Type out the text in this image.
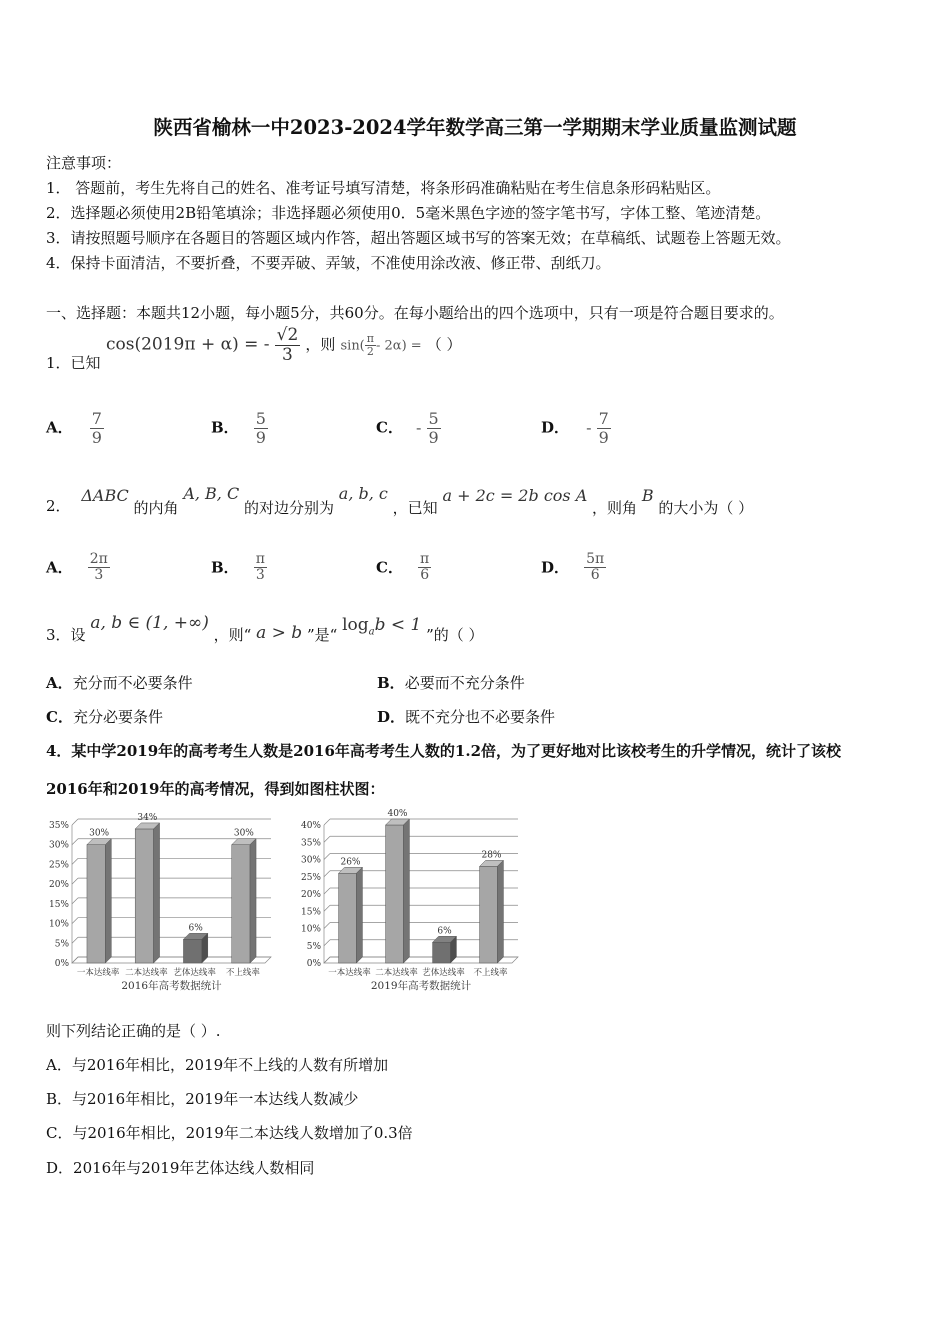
陕西省榆林一中2023-2024学年数学高三第一学期期末学业质量监测试题
注意事项：
1． 答题前，考生先将自己的姓名、准考证号填写清楚，将条形码准确粘贴在考生信息条形码粘贴区。
2．选择题必须使用2B铅笔填涂；非选择题必须使用0．5毫米黑色字迹的签字笔书写，字体工整、笔迹清楚。
3．请按照题号顺序在各题目的答题区域内作答，超出答题区域书写的答案无效；在草稿纸、试题卷上答题无效。
4．保持卡面清洁，不要折叠，不要弄破、弄皱，不准使用涂改液、修正带、刮纸刀。
一、选择题：本题共12小题，每小题5分，共60分。在每小题给出的四个选项中，只有一项是符合题目要求的。
1．已知
cos(2019π + α) = - $\frac{√2}{3}$ ，则 $\sin( \frac{\pi}{2} - 2\alpha)$ = （ ）
A． $\frac{7}{9}$	B． $\frac{5}{9}$	C． - $\frac{5}{9}$	D． - $\frac{7}{9}$
2． ΔABC 的内角 A, B, C 的对边分别为 a, b, c ，已知 a + 2c = 2b cos A ，则角 B 的大小为（ ）
A． $\frac{2\pi}{3}$	B． $\frac{\pi}{3}$	C． $\frac{\pi}{6}$	D． $\frac{5\pi}{6}$
3．设 a, b ∈ (1, +∞) ，则“ a > b ”是“ $\log_ab < 1$ ”的（ ）
A．充分而不必要条件	B．必要而不充分条件
C．充分必要条件	D．既不充分也不必要条件
4．某中学2019年的高考考生人数是2016年高考考生人数的1.2倍，为了更好地对比该校考生的升学情况，统计了该校
2016年和2019年的高考情况，得到如图柱状图：
0%
5%
10%
15%
20%
25%
30%
35%
30%
一本达线率
34%
二本达线率
6%
艺体达线率
30%
不上线率
2016年高考数据统计
0%
5%
10%
15%
20%
25%
30%
35%
40%
26%
一本达线率
40%
二本达线率
6%
艺体达线率
28%
不上线率
2019年高考数据统计
则下列结论正确的是（ ）.
A．与2016年相比，2019年不上线的人数有所增加
B．与2016年相比，2019年一本达线人数减少
C．与2016年相比，2019年二本达线人数增加了0.3倍
D．2016年与2019年艺体达线人数相同
